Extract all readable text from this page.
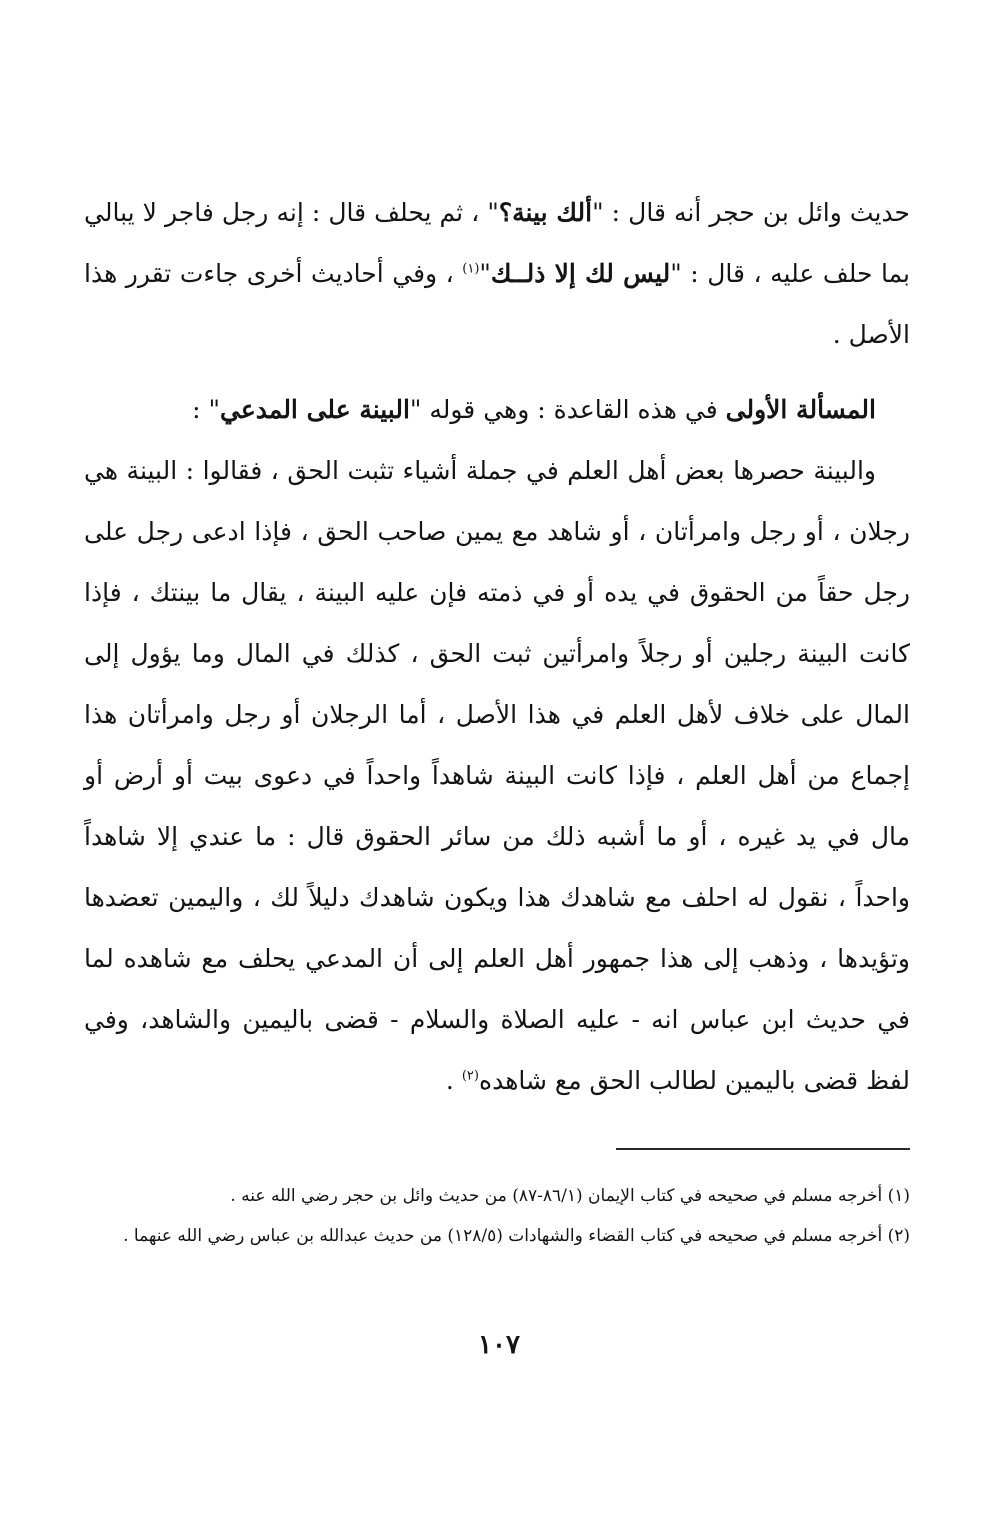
حديث وائل بن حجر أنه قال : "ألك بينة؟" ، ثم يحلف قال : إنه رجل فاجر لا يبالي بما حلف عليه ، قال : "ليس لك إلا ذلــك"$^{(١)}$ ، وفي أحاديث أخرى جاءت تقرر هذا الأصل .

المسألة الأولى في هذه القاعدة : وهي قوله "البينة على المدعي" :

والبينة حصرها بعض أهل العلم في جملة أشياء تثبت الحق ، فقالوا : البينة هي رجلان ، أو رجل وامرأتان ، أو شاهد مع يمين صاحب الحق ، فإذا ادعى رجل على رجل حقاً من الحقوق في يده أو في ذمته فإن عليه البينة ، يقال ما بينتك ، فإذا كانت البينة رجلين أو رجلاً وامرأتين ثبت الحق ، كذلك في المال وما يؤول إلى المال على خلاف لأهل العلم في هذا الأصل ، أما الرجلان أو رجل وامرأتان هذا إجماع من أهل العلم ، فإذا كانت البينة شاهداً واحداً في دعوى بيت أو أرض أو مال في يد غيره ، أو ما أشبه ذلك من سائر الحقوق قال : ما عندي إلا شاهداً واحداً ، نقول له احلف مع شاهدك هذا ويكون شاهدك دليلاً لك ، واليمين تعضدها وتؤيدها ، وذهب إلى هذا جمهور أهل العلم إلى أن المدعي يحلف مع شاهده لما في حديث ابن عباس انه - عليه الصلاة والسلام - قضى باليمين والشاهد، وفي لفظ قضى باليمين لطالب الحق مع شاهده$^{(٢)}$ .

(١) أخرجه مسلم في صحيحه في كتاب الإيمان (٨٦/١-٨٧) من حديث وائل بن حجر رضي الله عنه .

(٢) أخرجه مسلم في صحيحه في كتاب القضاء والشهادات (١٢٨/٥) من حديث عبدالله بن عباس رضي الله عنهما .

١٠٧
